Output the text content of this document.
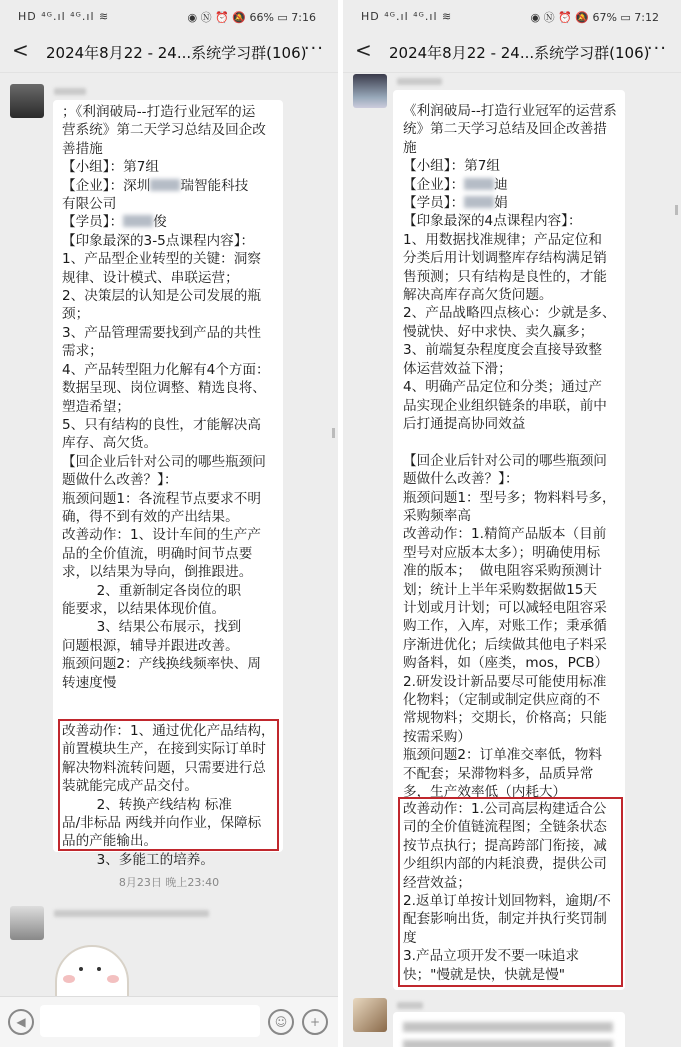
HD ⁴ᴳ.ıl ⁴ᴳ.ıl ≋	◉ Ⓝ ⏰ 🔕 66% ▭ 7:16
< 2024年8月22 - 24...系统学习群(106)
···
；《利润破局--打造行业冠军的运
营系统》第二天学习总结及回企改
善措施
【小组】：第7组
【企业】：深圳 瑞智能科技
有限公司
【学员】： 俊
【印象最深的3-5点课程内容】：
1、产品型企业转型的关键：洞察
规律、设计模式、串联运营；
2、决策层的认知是公司发展的瓶
颈；
3、产品管理需要找到产品的共性
需求；
4、产品转型阻力化解有4个方面：
数据呈现、岗位调整、精选良将、
塑造希望；
5、只有结构的良性，才能解决高
库存、高欠货。
【回企业后针对公司的哪些瓶颈问
题做什么改善？】：
瓶颈问题1：各流程节点要求不明
确，得不到有效的产出结果。
改善动作：1、设计车间的生产产
品的全价值流，明确时间节点要
求，以结果为导向，倒推跟进。
2、重新制定各岗位的职
能要求，以结果体现价值。
3、结果公布展示，找到
问题根源，辅导并跟进改善。
瓶颈问题2：产线换线频率快、周
转速度慢
改善动作：1、通过优化产品结构，
前置模块生产，在接到实际订单时
解决物料流转问题，只需要进行总
装就能完成产品交付。
2、转换产线结构 标准
品/非标品 两线并向作业，保障标
品的产能输出。
3、多能工的培养。
8月23日 晚上23:40
◀	☺	+
HD ⁴ᴳ.ıl ⁴ᴳ.ıl ≋	◉ Ⓝ ⏰ 🔕 67% ▭ 7:12
< 2024年8月22 - 24...系统学习群(106)
···
《利润破局--打造行业冠军的运营系
统》第二天学习总结及回企改善措
施
【小组】：第7组
【企业】： 迪
【学员】： 娟
【印象最深的4点课程内容】：
1、用数据找准规律；产品定位和
分类后用计划调整库存结构满足销
售预测；只有结构是良性的，才能
解决高库存高欠货问题。
2、产品战略四点核心：少就是多、
慢就快、好中求快、卖久赢多；
3、前端复杂程度度会直接导致整
体运营效益下滑；
4、明确产品定位和分类；通过产
品实现企业组织链条的串联，前中
后打通提高协同效益
【回企业后针对公司的哪些瓶颈问
题做什么改善？】：
瓶颈问题1：型号多；物料料号多，
采购频率高
改善动作：1.精简产品版本（目前
型号对应版本太多）；明确使用标
准的版本；  做电阻容采购预测计
划；统计上半年采购数据做15天
计划或月计划；可以减轻电阻容采
购工作，入库，对账工作；秉承循
序渐进优化；后续做其他电子料采
购备料，如（座类，mos，PCB）
2.研发设计新品要尽可能使用标准
化物料；（定制或制定供应商的不
常规物料；交期长，价格高；只能
按需采购）
瓶颈问题2：订单准交率低，物料
不配套；呆滞物料多，品质异常
多，生产效率低（内耗大）
改善动作：1.公司高层构建适合公
司的全价值链流程图；全链条状态
按节点执行；提高跨部门衔接，减
少组织内部的内耗浪费，提供公司
经营效益；
2.返单订单按计划回物料，逾期/不
配套影响出货，制定并执行奖罚制
度
3.产品立项开发不要一味追求
快；"慢就是快，快就是慢"
